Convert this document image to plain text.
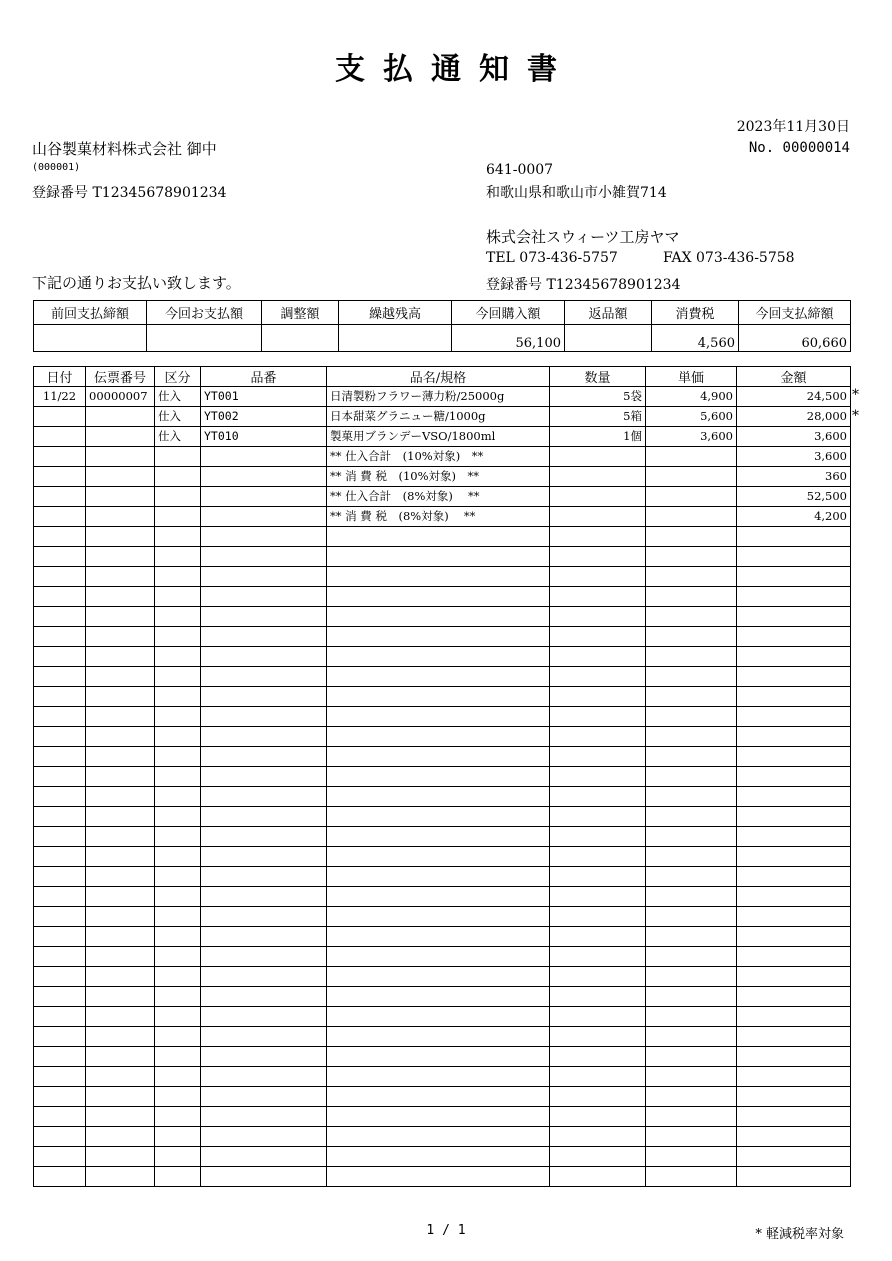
支払通知書
2023年11月30日
No. 00000014
山谷製菓材料株式会社 御中
(000001)
登録番号 T12345678901234
641-0007
和歌山県和歌山市小雑賀714
株式会社スウィーツ工房ヤマ
TEL 073-436-5757	FAX 073-436-5758
登録番号 T12345678901234
下記の通りお支払い致します。
前回支払締額	今回お支払額	調整額	繰越残高	今回購入額	返品額	消費税	今回支払締額
				56,100		4,560	60,660
日付	伝票番号	区分	品番	品名/規格	数量	単価	金額
11/22	00000007	仕入	YT001	日清製粉フラワー薄力粉/25000g	5袋	4,900	24,500
		仕入	YT002	日本甜菜グラニュー糖/1000g	5箱	5,600	28,000
		仕入	YT010	製菓用ブランデーVSO/1800ml	1個	3,600	3,600
				** 仕入合計　(10%対象)　**			3,600
				** 消 費 税　(10%対象)　**			360
				** 仕入合計　(8%対象)　 **			52,500
				** 消 費 税　(8%対象)　 **			4,200

*
*
1 / 1	* 軽減税率対象
